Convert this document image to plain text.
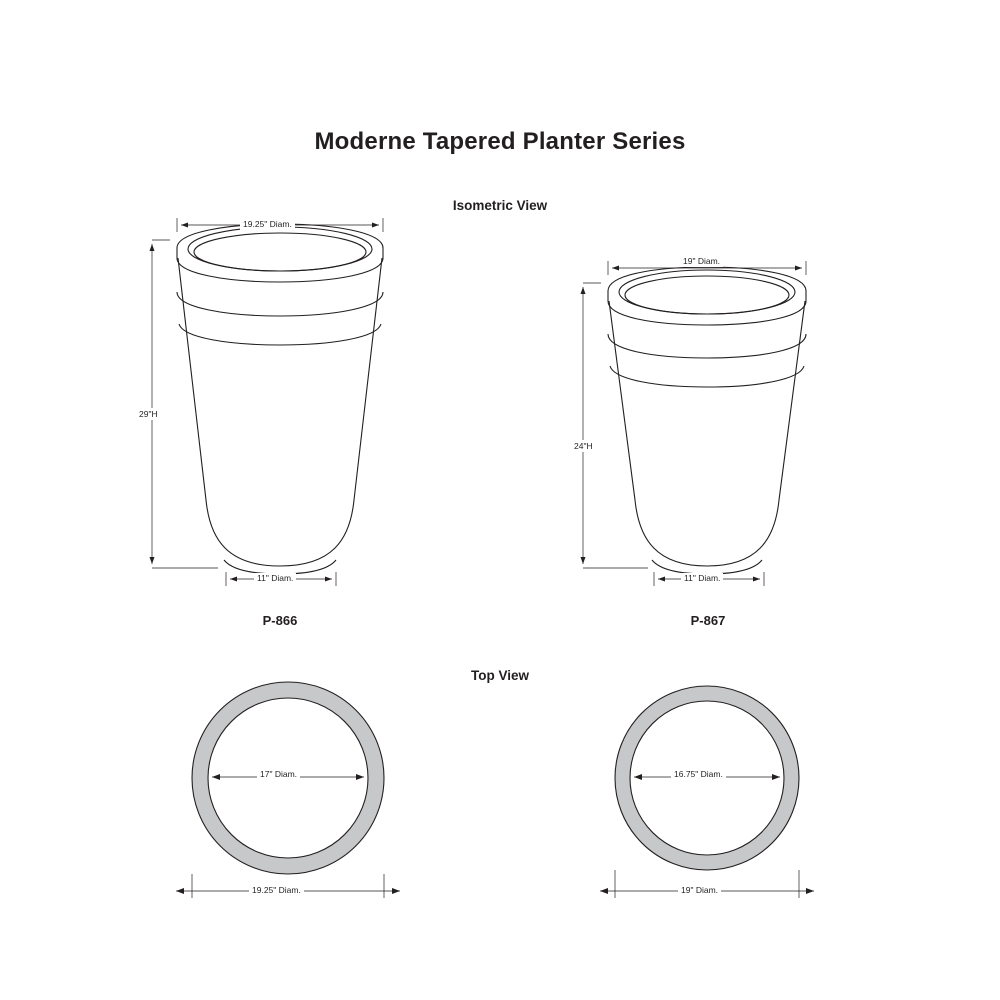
Moderne Tapered Planter Series
Isometric View
Top View
19.25" Diam.
29"H
11" Diam.
19" Diam.
24"H
11" Diam.
17" Diam.
19.25" Diam.
16.75" Diam.
19" Diam.
P-866	P-867
